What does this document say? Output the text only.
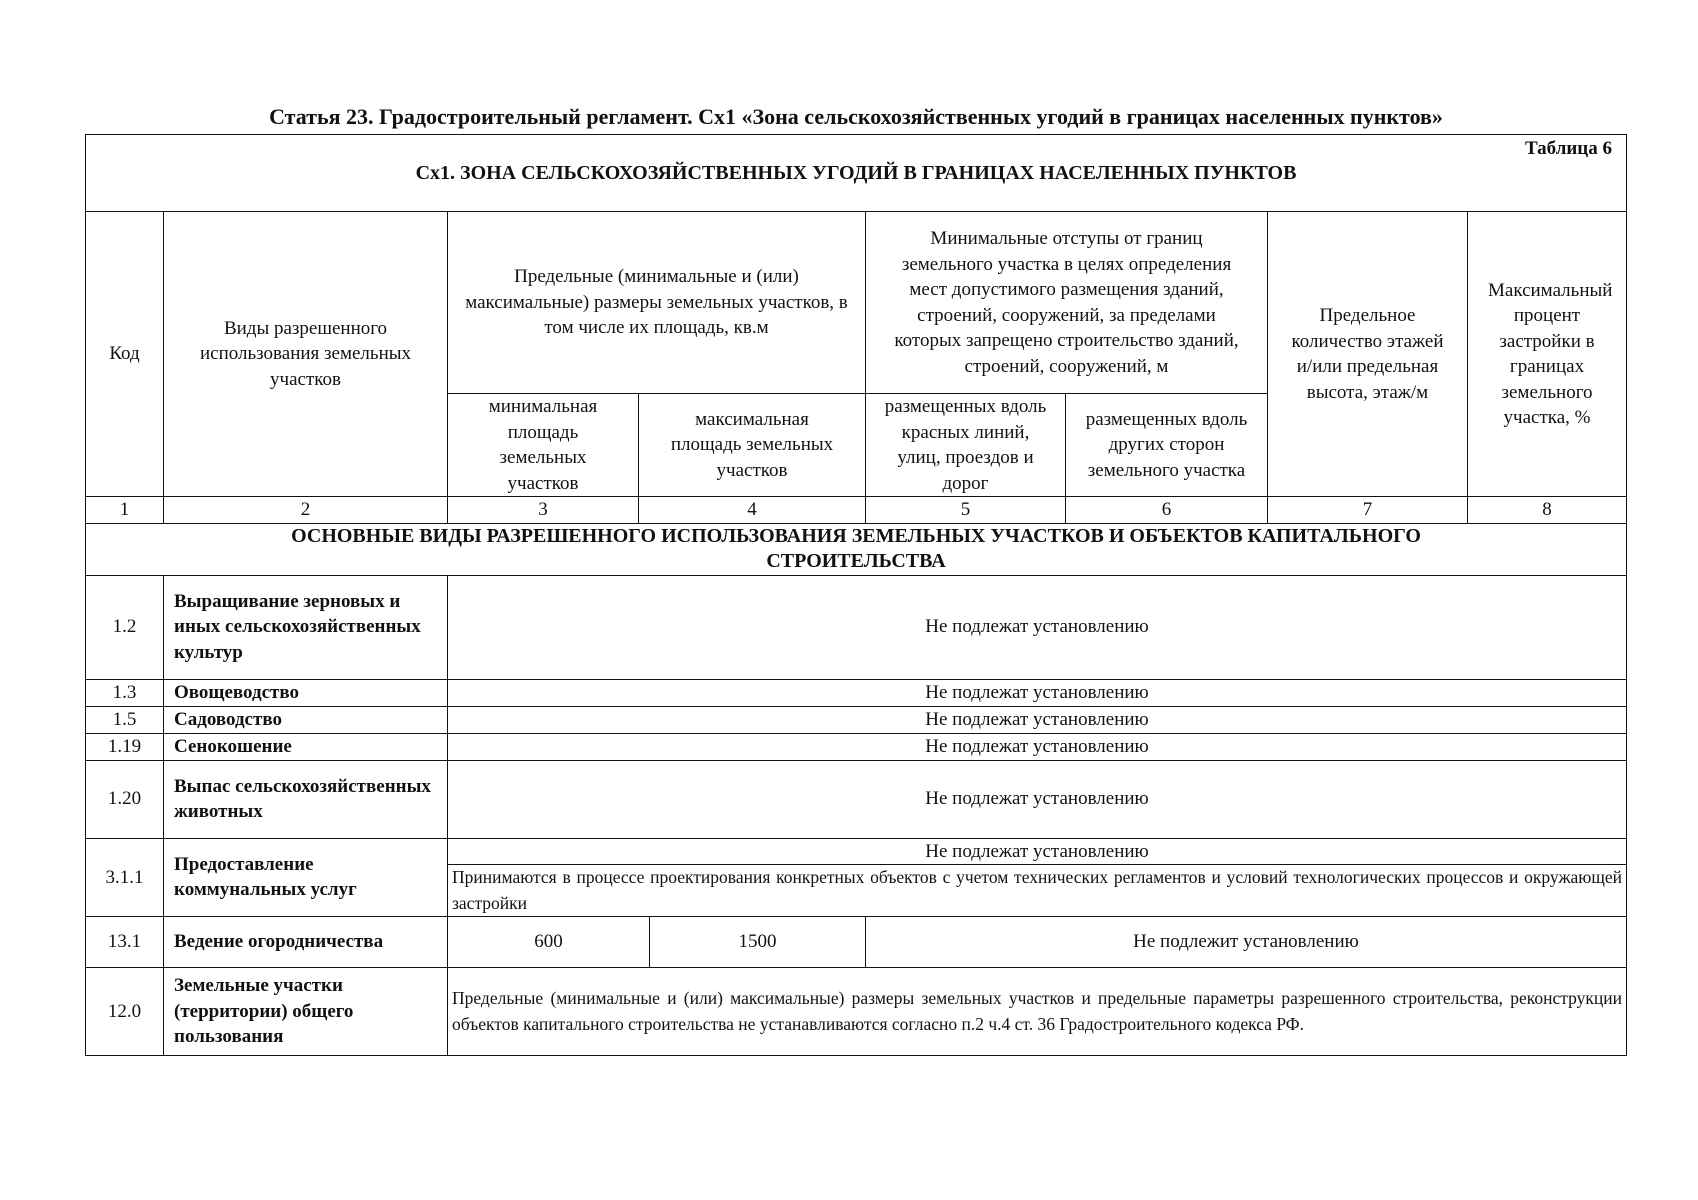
Статья 23. Градостроительный регламент. Сх1 «Зона сельскохозяйственных угодий в границах населенных пунктов»
Таблица 6
Сх1. ЗОНА СЕЛЬСКОХОЗЯЙСТВЕННЫХ УГОДИЙ В ГРАНИЦАХ НАСЕЛЕННЫХ ПУНКТОВ								

Код	Виды разрешенного использования земельных участков	Предельные (минимальные и (или) максимальные) размеры земельных участков, в том числе их площадь, кв.м			Минимальные отступы от границ земельного участка в целях определения мест допустимого размещения зданий, строений, сооружений, за пределами которых запрещено строительство зданий, строений, сооружений, м		Предельное количество этажей и/или предельная высота, этаж/м	Максимальный процент застройки в границах земельного участка, %
		минимальная площадь земельных участков	максимальная площадь земельных участков		размещенных вдоль красных линий, улиц, проездов и дорог	размещенных вдоль других сторон земельного участка		
1	2	3	4		5	6	7	8
ОСНОВНЫЕ ВИДЫ РАЗРЕШЕННОГО ИСПОЛЬЗОВАНИЯ ЗЕМЕЛЬНЫХ УЧАСТКОВ И ОБЪЕКТОВ КАПИТАЛЬНОГО СТРОИТЕЛЬСТВА								
1.2	Выращивание зерновых и иных сельскохозяйственных культур	Не подлежат установлению						
1.3	Овощеводство	Не подлежат установлению						
1.5	Садоводство	Не подлежат установлению						
1.19	Сенокошение	Не подлежат установлению						
1.20	Выпас сельскохозяйственных животных	Не подлежат установлению						
3.1.1	Предоставление коммунальных услуг	Не подлежат установлению						
		Принимаются в процессе проектирования конкретных объектов с учетом технических регламентов и условий технологических процессов и окружающей застройки						
13.1	Ведение огородничества	600		1500	Не подлежит установлению			
12.0	Земельные участки (территории) общего пользования	Предельные (минимальные и (или) максимальные) размеры земельных участков и предельные параметры разрешенного строительства, реконструкции объектов капитального строительства не устанавливаются согласно п.2 ч.4 ст. 36 Градостроительного кодекса РФ.						
